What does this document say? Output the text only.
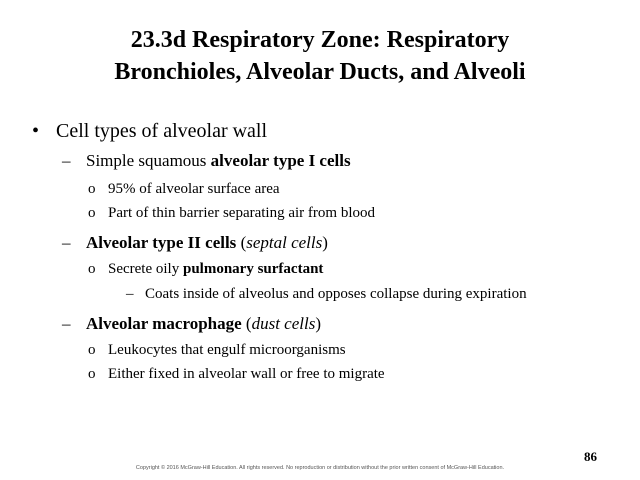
23.3d Respiratory Zone: Respiratory
Bronchioles, Alveolar Ducts, and Alveoli
• Cell types of alveolar wall
– Simple squamous alveolar type I cells
o 95% of alveolar surface area
o Part of thin barrier separating air from blood
– Alveolar type II cells (septal cells)
o Secrete oily pulmonary surfactant
– Coats inside of alveolus and opposes collapse during expiration
– Alveolar macrophage (dust cells)
o Leukocytes that engulf microorganisms
o Either fixed in alveolar wall or free to migrate
86
Copyright © 2016 McGraw-Hill Education. All rights reserved. No reproduction or distribution without the prior written consent of McGraw-Hill Education.
